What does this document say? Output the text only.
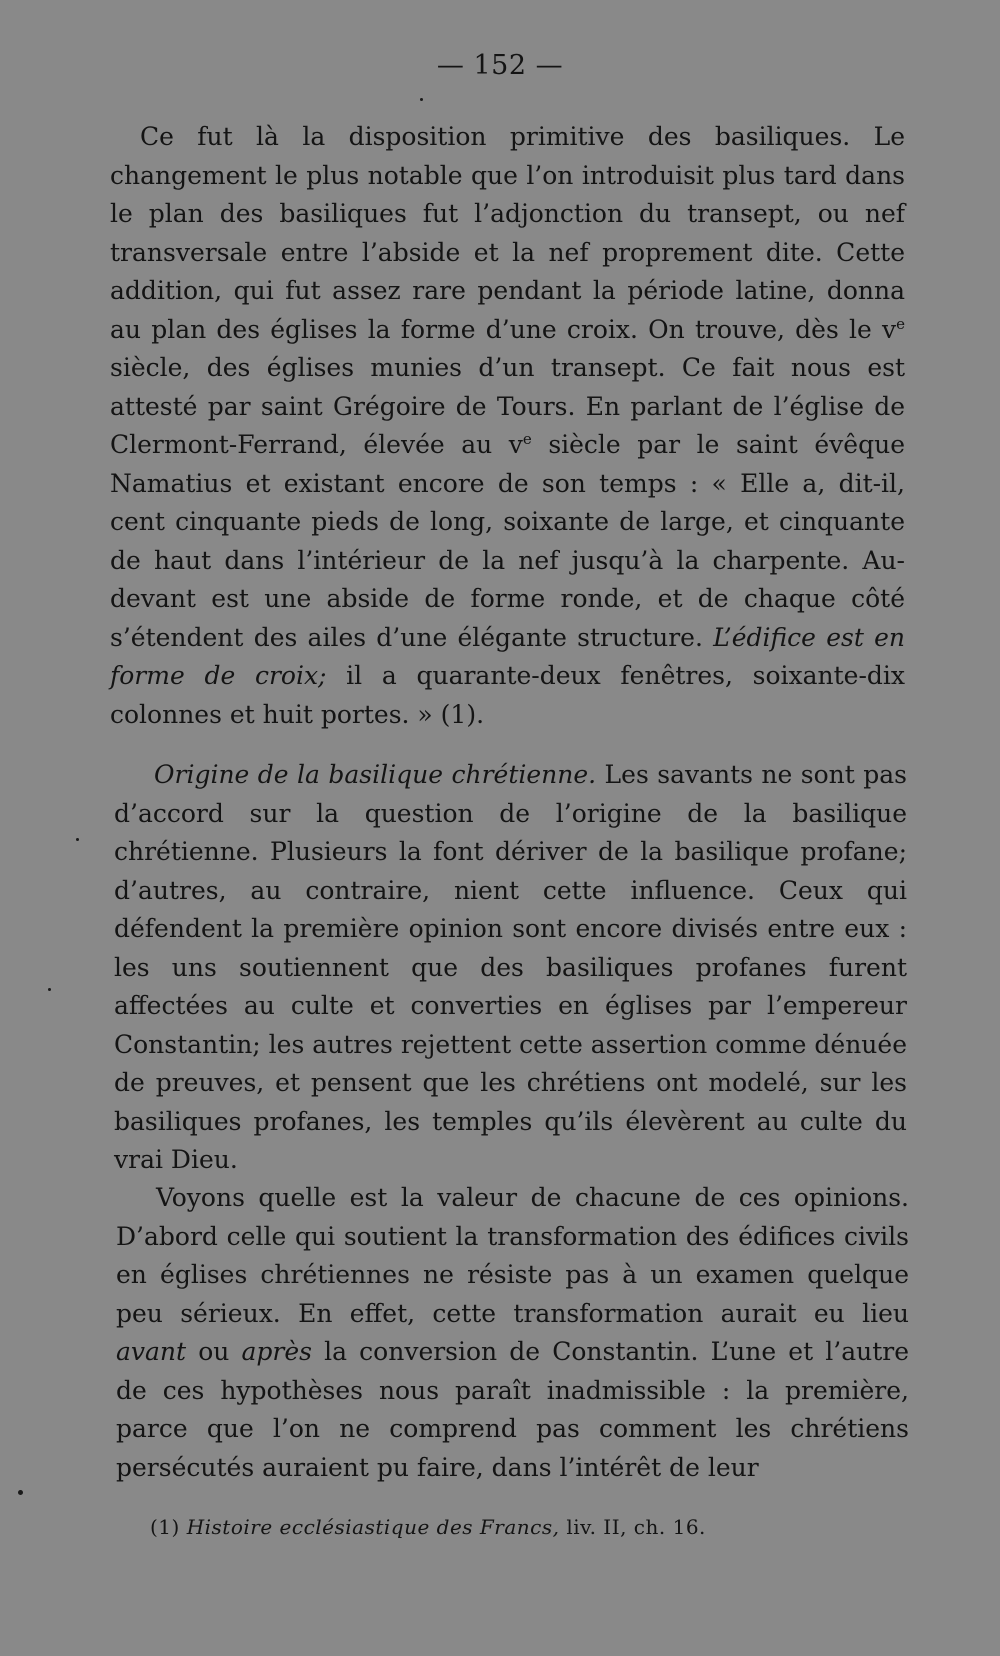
— 152 —

Ce fut là la disposition primitive des basiliques. Le changement le plus notable que l’on introduisit plus tard dans le plan des basiliques fut l’adjonction du transept, ou nef transversale entre l’abside et la nef proprement dite. Cette addition, qui fut assez rare pendant la période latine, donna au plan des églises la forme d’une croix. On trouve, dès le $v^e$ siècle, des églises munies d’un transept. Ce fait nous est attesté par saint Grégoire de Tours. En parlant de l’église de Clermont-Ferrand, élevée au $v^e$ siècle par le saint évêque Namatius et existant encore de son temps : « Elle a, dit-il, cent cinquante pieds de long, soixante de large, et cinquante de haut dans l’intérieur de la nef jusqu’à la charpente. Au-devant est une abside de forme ronde, et de chaque côté s’étendent des ailes d’une élégante structure. L’édifice est en forme de croix; il a quarante-deux fenêtres, soixante-dix colonnes et huit portes. » (1).

Origine de la basilique chrétienne. Les savants ne sont pas d’accord sur la question de l’origine de la basilique chrétienne. Plusieurs la font dériver de la basilique profane; d’autres, au contraire, nient cette influence. Ceux qui défendent la première opinion sont encore divisés entre eux : les uns soutiennent que des basiliques profanes furent affectées au culte et converties en églises par l’empereur Constantin; les autres rejettent cette assertion comme dénuée de preuves, et pensent que les chrétiens ont modelé, sur les basiliques profanes, les temples qu’ils élevèrent au culte du vrai Dieu.

Voyons quelle est la valeur de chacune de ces opinions. D’abord celle qui soutient la transformation des édifices civils en églises chrétiennes ne résiste pas à un examen quelque peu sérieux. En effet, cette transformation aurait eu lieu avant ou après la conversion de Constantin. L’une et l’autre de ces hypothèses nous paraît inadmissible : la première, parce que l’on ne comprend pas comment les chrétiens persécutés auraient pu faire, dans l’intérêt de leur

(1) Histoire ecclésiastique des Francs, liv. II, ch. 16.
